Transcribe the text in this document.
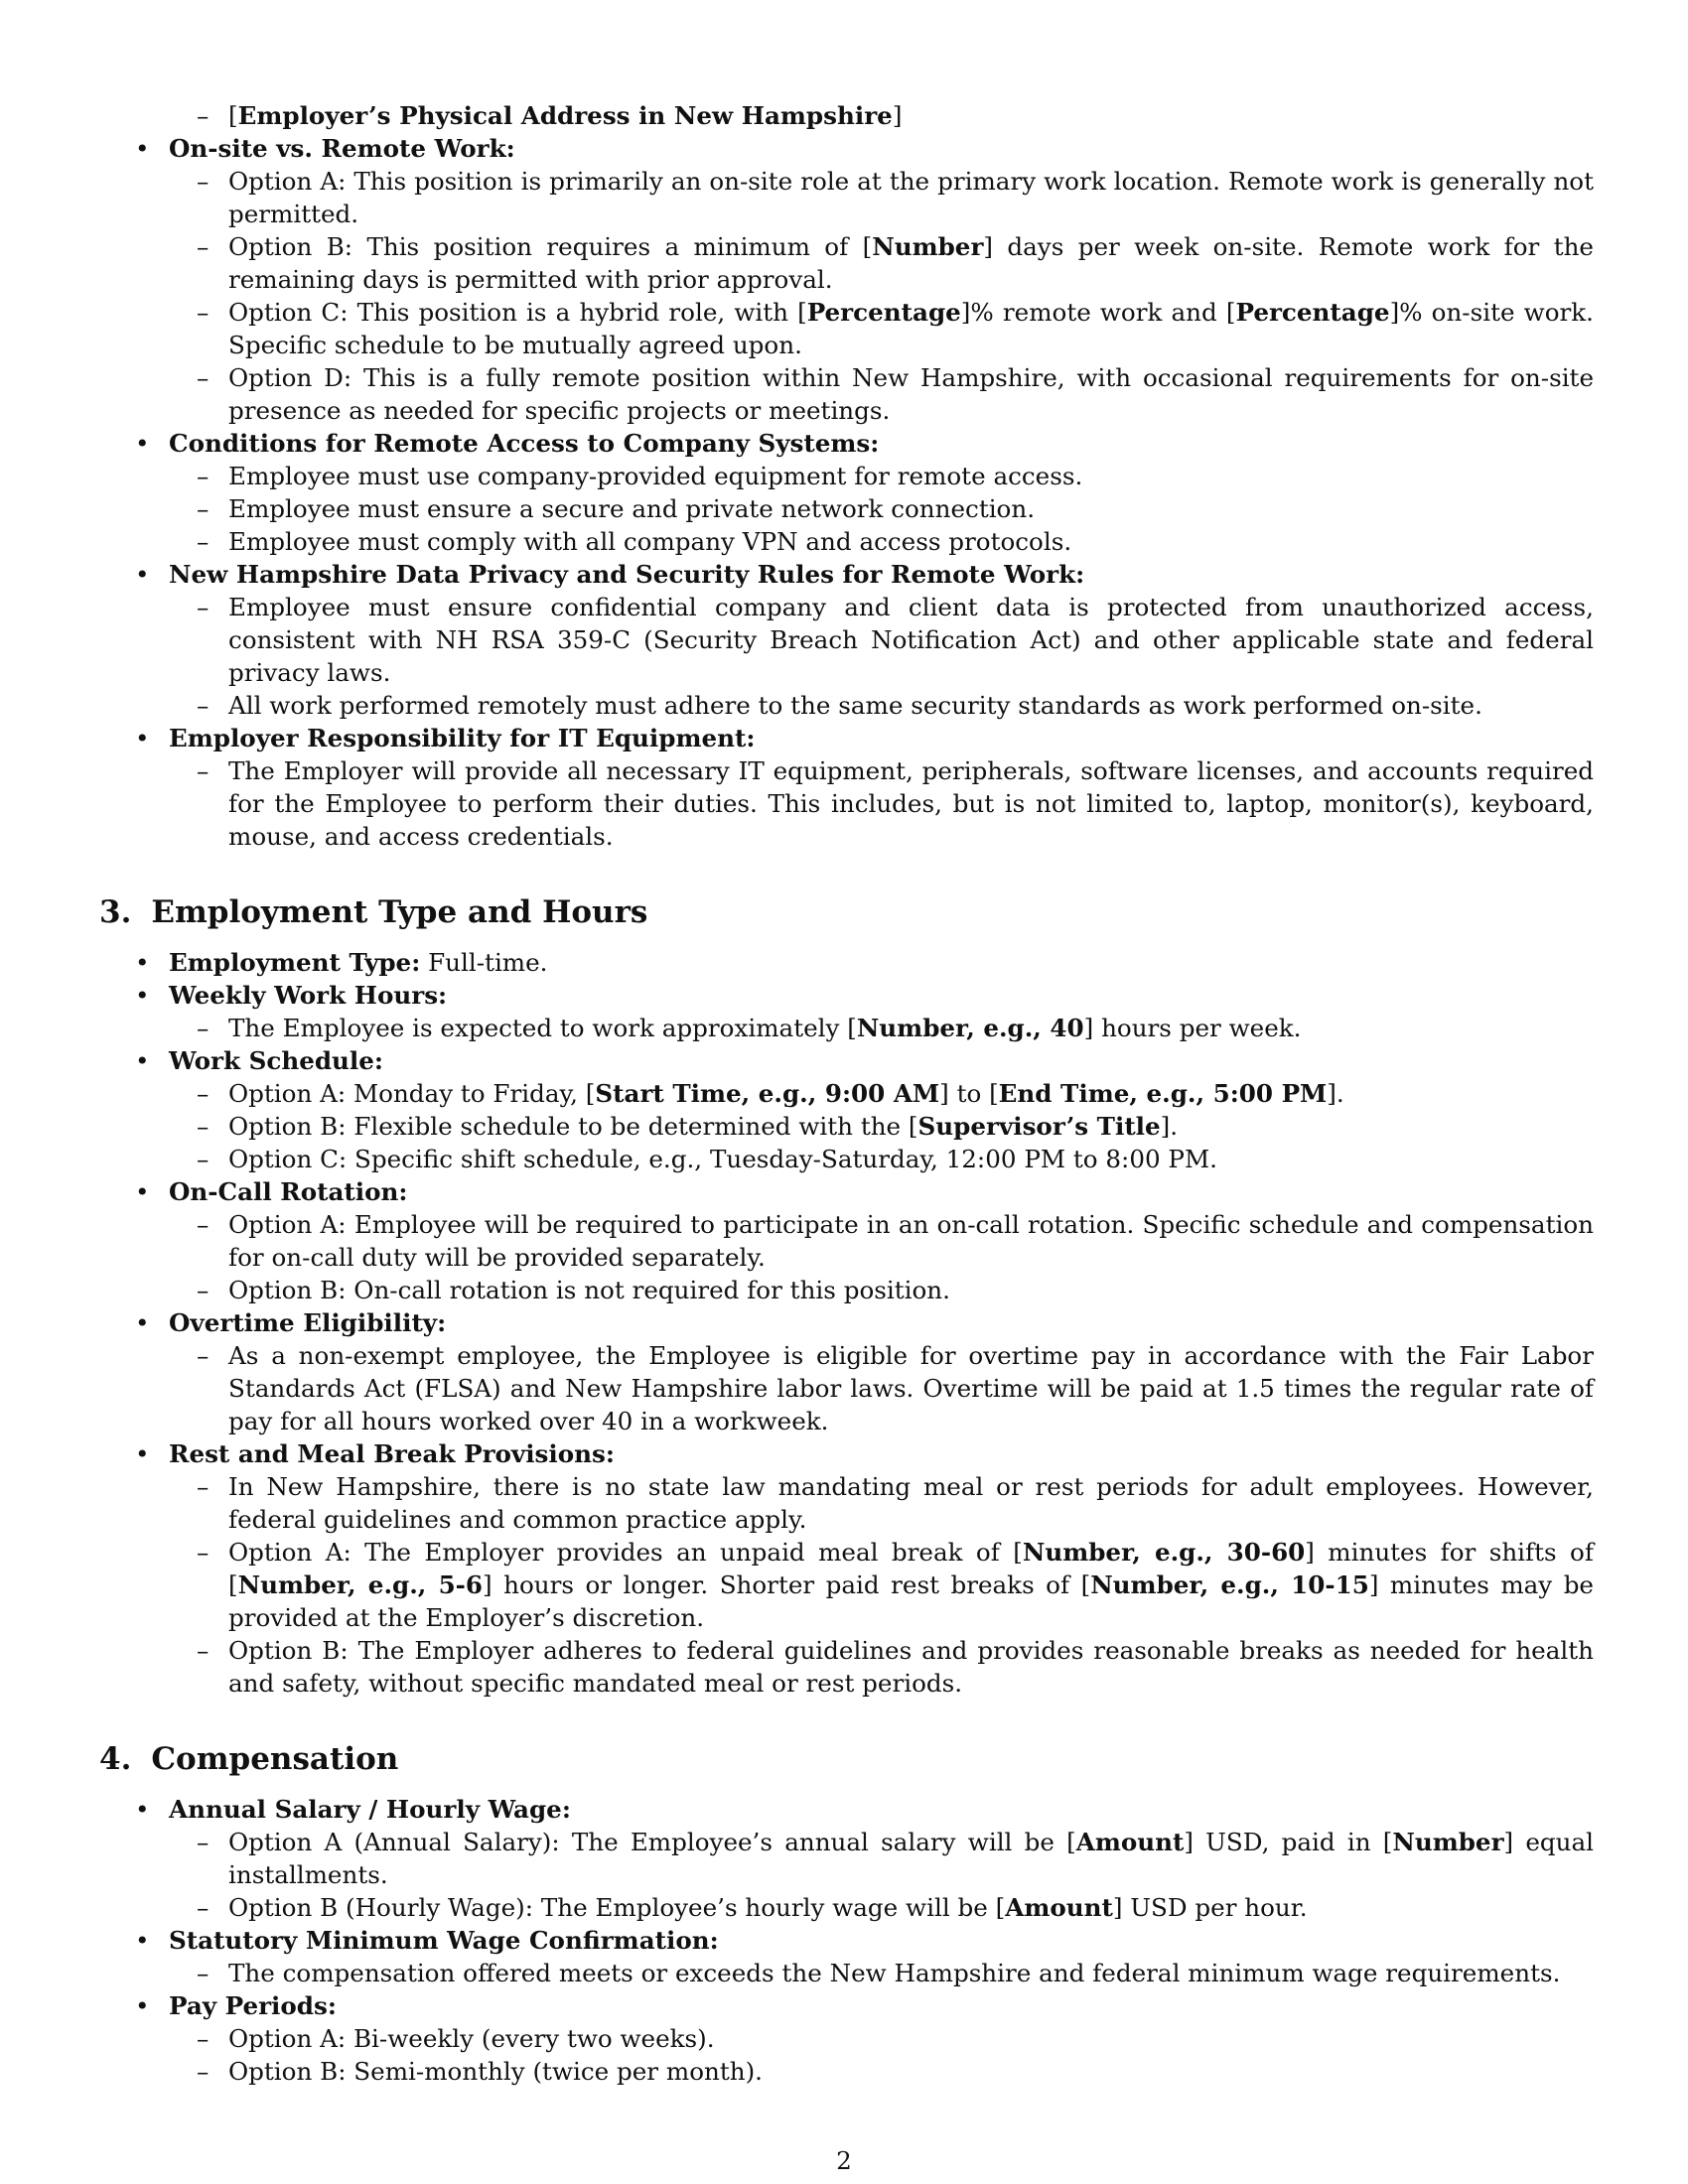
– [Employer’s Physical Address in New Hampshire]
• On-site vs. Remote Work:
– Option A: This position is primarily an on-site role at the primary work location. Remote work is generally not permitted.
– Option B: This position requires a minimum of [Number] days per week on-site. Remote work for the remaining days is permitted with prior approval.
– Option C: This position is a hybrid role, with [Percentage]% remote work and [Percentage]% on-site work. Specific schedule to be mutually agreed upon.
– Option D: This is a fully remote position within New Hampshire, with occasional requirements for on-site presence as needed for specific projects or meetings.
• Conditions for Remote Access to Company Systems:
– Employee must use company-provided equipment for remote access.
– Employee must ensure a secure and private network connection.
– Employee must comply with all company VPN and access protocols.
• New Hampshire Data Privacy and Security Rules for Remote Work:
– Employee must ensure confidential company and client data is protected from unauthorized access, consistent with NH RSA 359-C (Security Breach Notification Act) and other applicable state and federal privacy laws.
– All work performed remotely must adhere to the same security standards as work performed on-site.
• Employer Responsibility for IT Equipment:
– The Employer will provide all necessary IT equipment, peripherals, software licenses, and accounts required for the Employee to perform their duties. This includes, but is not limited to, laptop, monitor(s), keyboard, mouse, and access credentials.
3. Employment Type and Hours
• Employment Type: Full-time.
• Weekly Work Hours:
– The Employee is expected to work approximately [Number, e.g., 40] hours per week.
• Work Schedule:
– Option A: Monday to Friday, [Start Time, e.g., 9:00 AM] to [End Time, e.g., 5:00 PM].
– Option B: Flexible schedule to be determined with the [Supervisor’s Title].
– Option C: Specific shift schedule, e.g., Tuesday-Saturday, 12:00 PM to 8:00 PM.
• On-Call Rotation:
– Option A: Employee will be required to participate in an on-call rotation. Specific schedule and compensation for on-call duty will be provided separately.
– Option B: On-call rotation is not required for this position.
• Overtime Eligibility:
– As a non-exempt employee, the Employee is eligible for overtime pay in accordance with the Fair Labor Standards Act (FLSA) and New Hampshire labor laws. Overtime will be paid at 1.5 times the regular rate of pay for all hours worked over 40 in a workweek.
• Rest and Meal Break Provisions:
– In New Hampshire, there is no state law mandating meal or rest periods for adult employees. However, federal guidelines and common practice apply.
– Option A: The Employer provides an unpaid meal break of [Number, e.g., 30-60] minutes for shifts of [Number, e.g., 5-6] hours or longer. Shorter paid rest breaks of [Number, e.g., 10-15] minutes may be provided at the Employer’s discretion.
– Option B: The Employer adheres to federal guidelines and provides reasonable breaks as needed for health and safety, without specific mandated meal or rest periods.
4. Compensation
• Annual Salary / Hourly Wage:
– Option A (Annual Salary): The Employee’s annual salary will be [Amount] USD, paid in [Number] equal installments.
– Option B (Hourly Wage): The Employee’s hourly wage will be [Amount] USD per hour.
• Statutory Minimum Wage Confirmation:
– The compensation offered meets or exceeds the New Hampshire and federal minimum wage requirements.
• Pay Periods:
– Option A: Bi-weekly (every two weeks).
– Option B: Semi-monthly (twice per month).
2
